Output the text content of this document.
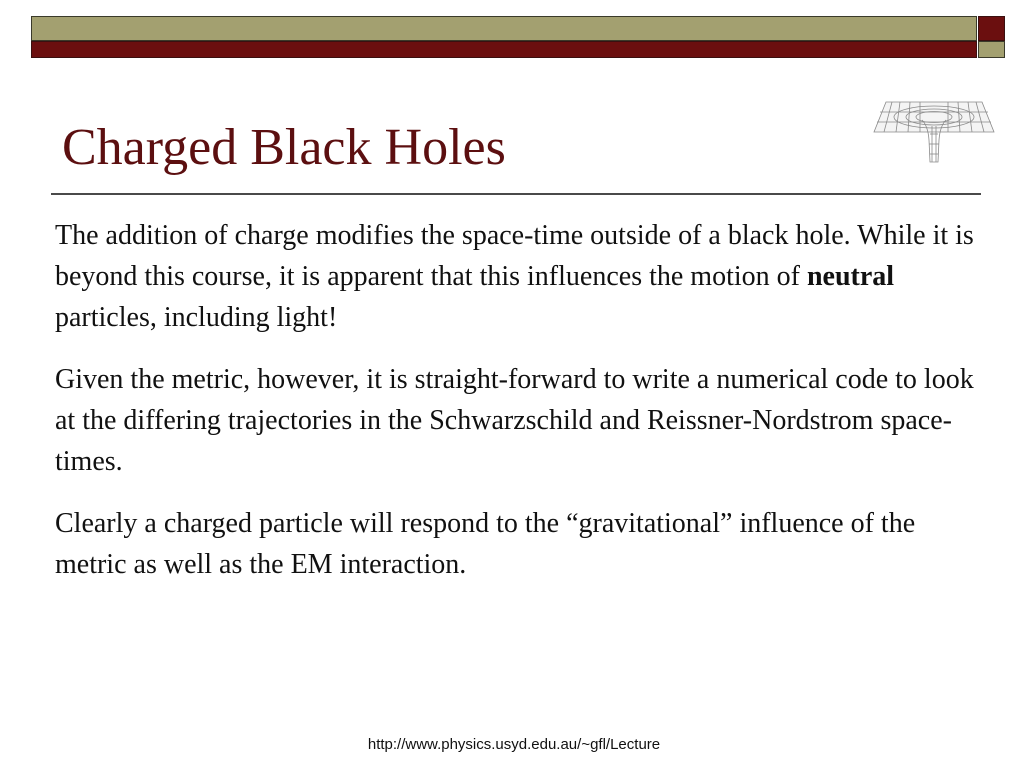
Charged Black Holes

The addition of charge modifies the space-time outside of a black hole. While it is beyond this course, it is apparent that this influences the motion of neutral particles, including light!

Given the metric, however, it is straight-forward to write a numerical code to look at the differing trajectories in the Schwarzschild and Reissner-Nordstrom space-times.

Clearly a charged particle will respond to the “gravitational” influence of the metric as well as the EM interaction.

http://www.physics.usyd.edu.au/~gfl/Lecture
